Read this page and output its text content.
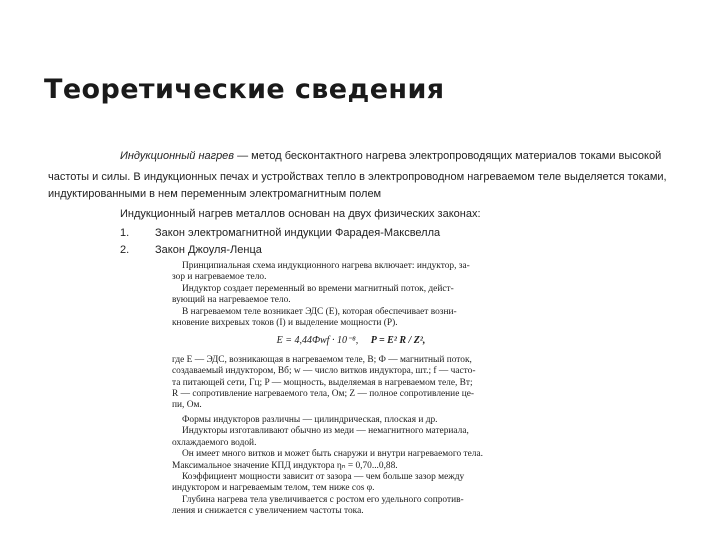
Теоретические сведения
Индукционный нагрев — метод бесконтактного нагрева электропроводящих материалов токами высокой
частоты и силы. В индукционных печах и устройствах тепло в электропроводном нагреваемом теле выделяется токами,
индуктированными в нем переменным электромагнитным полем
Индукционный нагрев металлов основан на двух физических законах:
1. Закон электромагнитной индукции Фарадея-Максвелла
2. Закон Джоуля-Ленца
Принципиальная схема индукционного нагрева включает: индуктор, за-
зор и нагреваемое тело.
Индуктор создает переменный во времени магнитный поток, дейст-
вующий на нагреваемое тело.
В нагреваемом теле возникает ЭДС (E), которая обеспечивает возни-
кновение вихревых токов (I) и выделение мощности (P).
E = 4,44Фwf · 10⁻⁸, P = E² R / Z²,
где E — ЭДС, возникающая в нагреваемом теле, В; Ф — магнитный поток,
создаваемый индуктором, Вб; w — число витков индуктора, шт.; f — часто-
та питающей сети, Гц; P — мощность, выделяемая в нагреваемом теле, Вт;
R — сопротивление нагреваемого тела, Ом; Z — полное сопротивление це-
пи, Ом.
Формы индукторов различны — цилиндрическая, плоская и др.
Индукторы изготавливают обычно из меди — немагнитного материала,
охлаждаемого водой.
Он имеет много витков и может быть снаружи и внутри нагреваемого тела.
Максимальное значение КПД индуктора ηₙ = 0,70...0,88.
Коэффициент мощности зависит от зазора — чем больше зазор между
индуктором и нагреваемым телом, тем ниже cos φ.
Глубина нагрева тела увеличивается с ростом его удельного сопротив-
ления и снижается с увеличением частоты тока.
